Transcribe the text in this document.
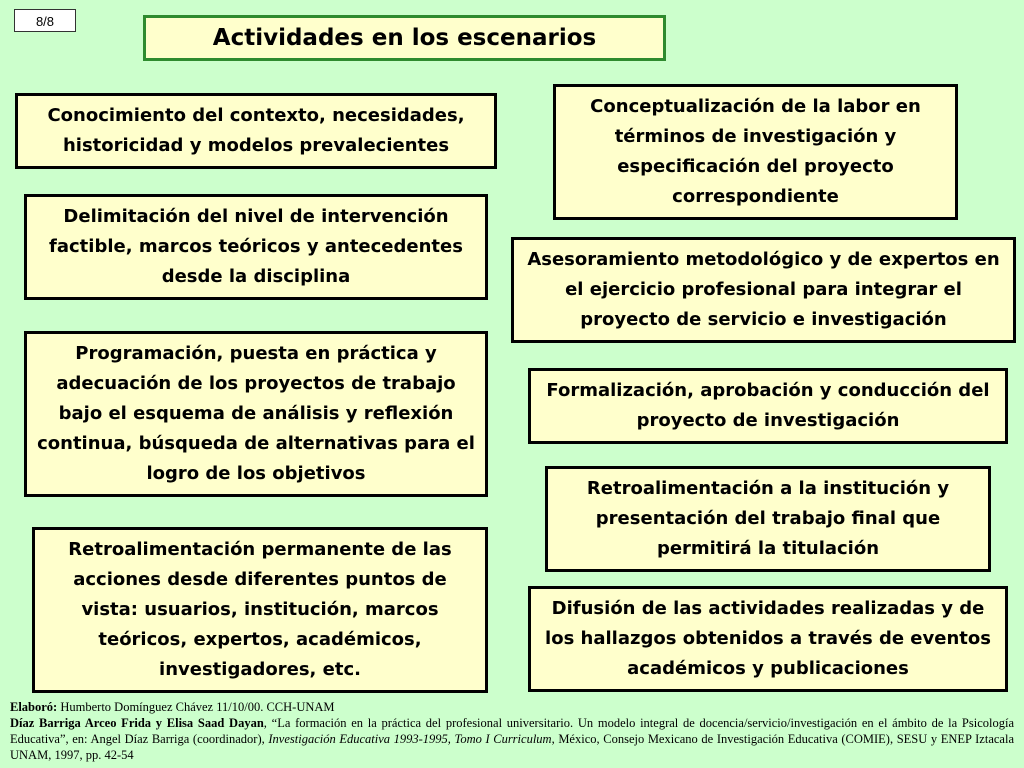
8/8
Actividades en los escenarios
Conocimiento del contexto, necesidades, historicidad y modelos prevalecientes
Delimitación del nivel de intervención factible, marcos teóricos y antecedentes desde la disciplina
Programación, puesta en práctica y adecuación de los proyectos de trabajo bajo el esquema de análisis y reflexión continua, búsqueda de alternativas para el logro de los objetivos
Retroalimentación permanente de las acciones desde diferentes puntos de vista: usuarios, institución, marcos teóricos, expertos, académicos, investigadores, etc.
Conceptualización de la labor en términos de investigación y especificación del proyecto correspondiente
Asesoramiento metodológico y de expertos en el ejercicio profesional para integrar el proyecto de servicio e investigación
Formalización, aprobación y conducción del proyecto de investigación
Retroalimentación a la institución y presentación del trabajo final que permitirá la titulación
Difusión de las actividades realizadas y de los hallazgos obtenidos a través de eventos académicos y publicaciones
Elaboró: Humberto Domínguez Chávez 11/10/00. CCH-UNAM
Díaz Barriga Arceo Frida y Elisa Saad Dayan, “La formación en la práctica del profesional universitario. Un modelo integral de docencia/servicio/investigación en el ámbito de la Psicología Educativa”, en: Angel Díaz Barriga (coordinador), Investigación Educativa 1993-1995, Tomo I Curriculum, México, Consejo Mexicano de Investigación Educativa (COMIE), SESU y ENEP Iztacala UNAM, 1997, pp. 42-54
